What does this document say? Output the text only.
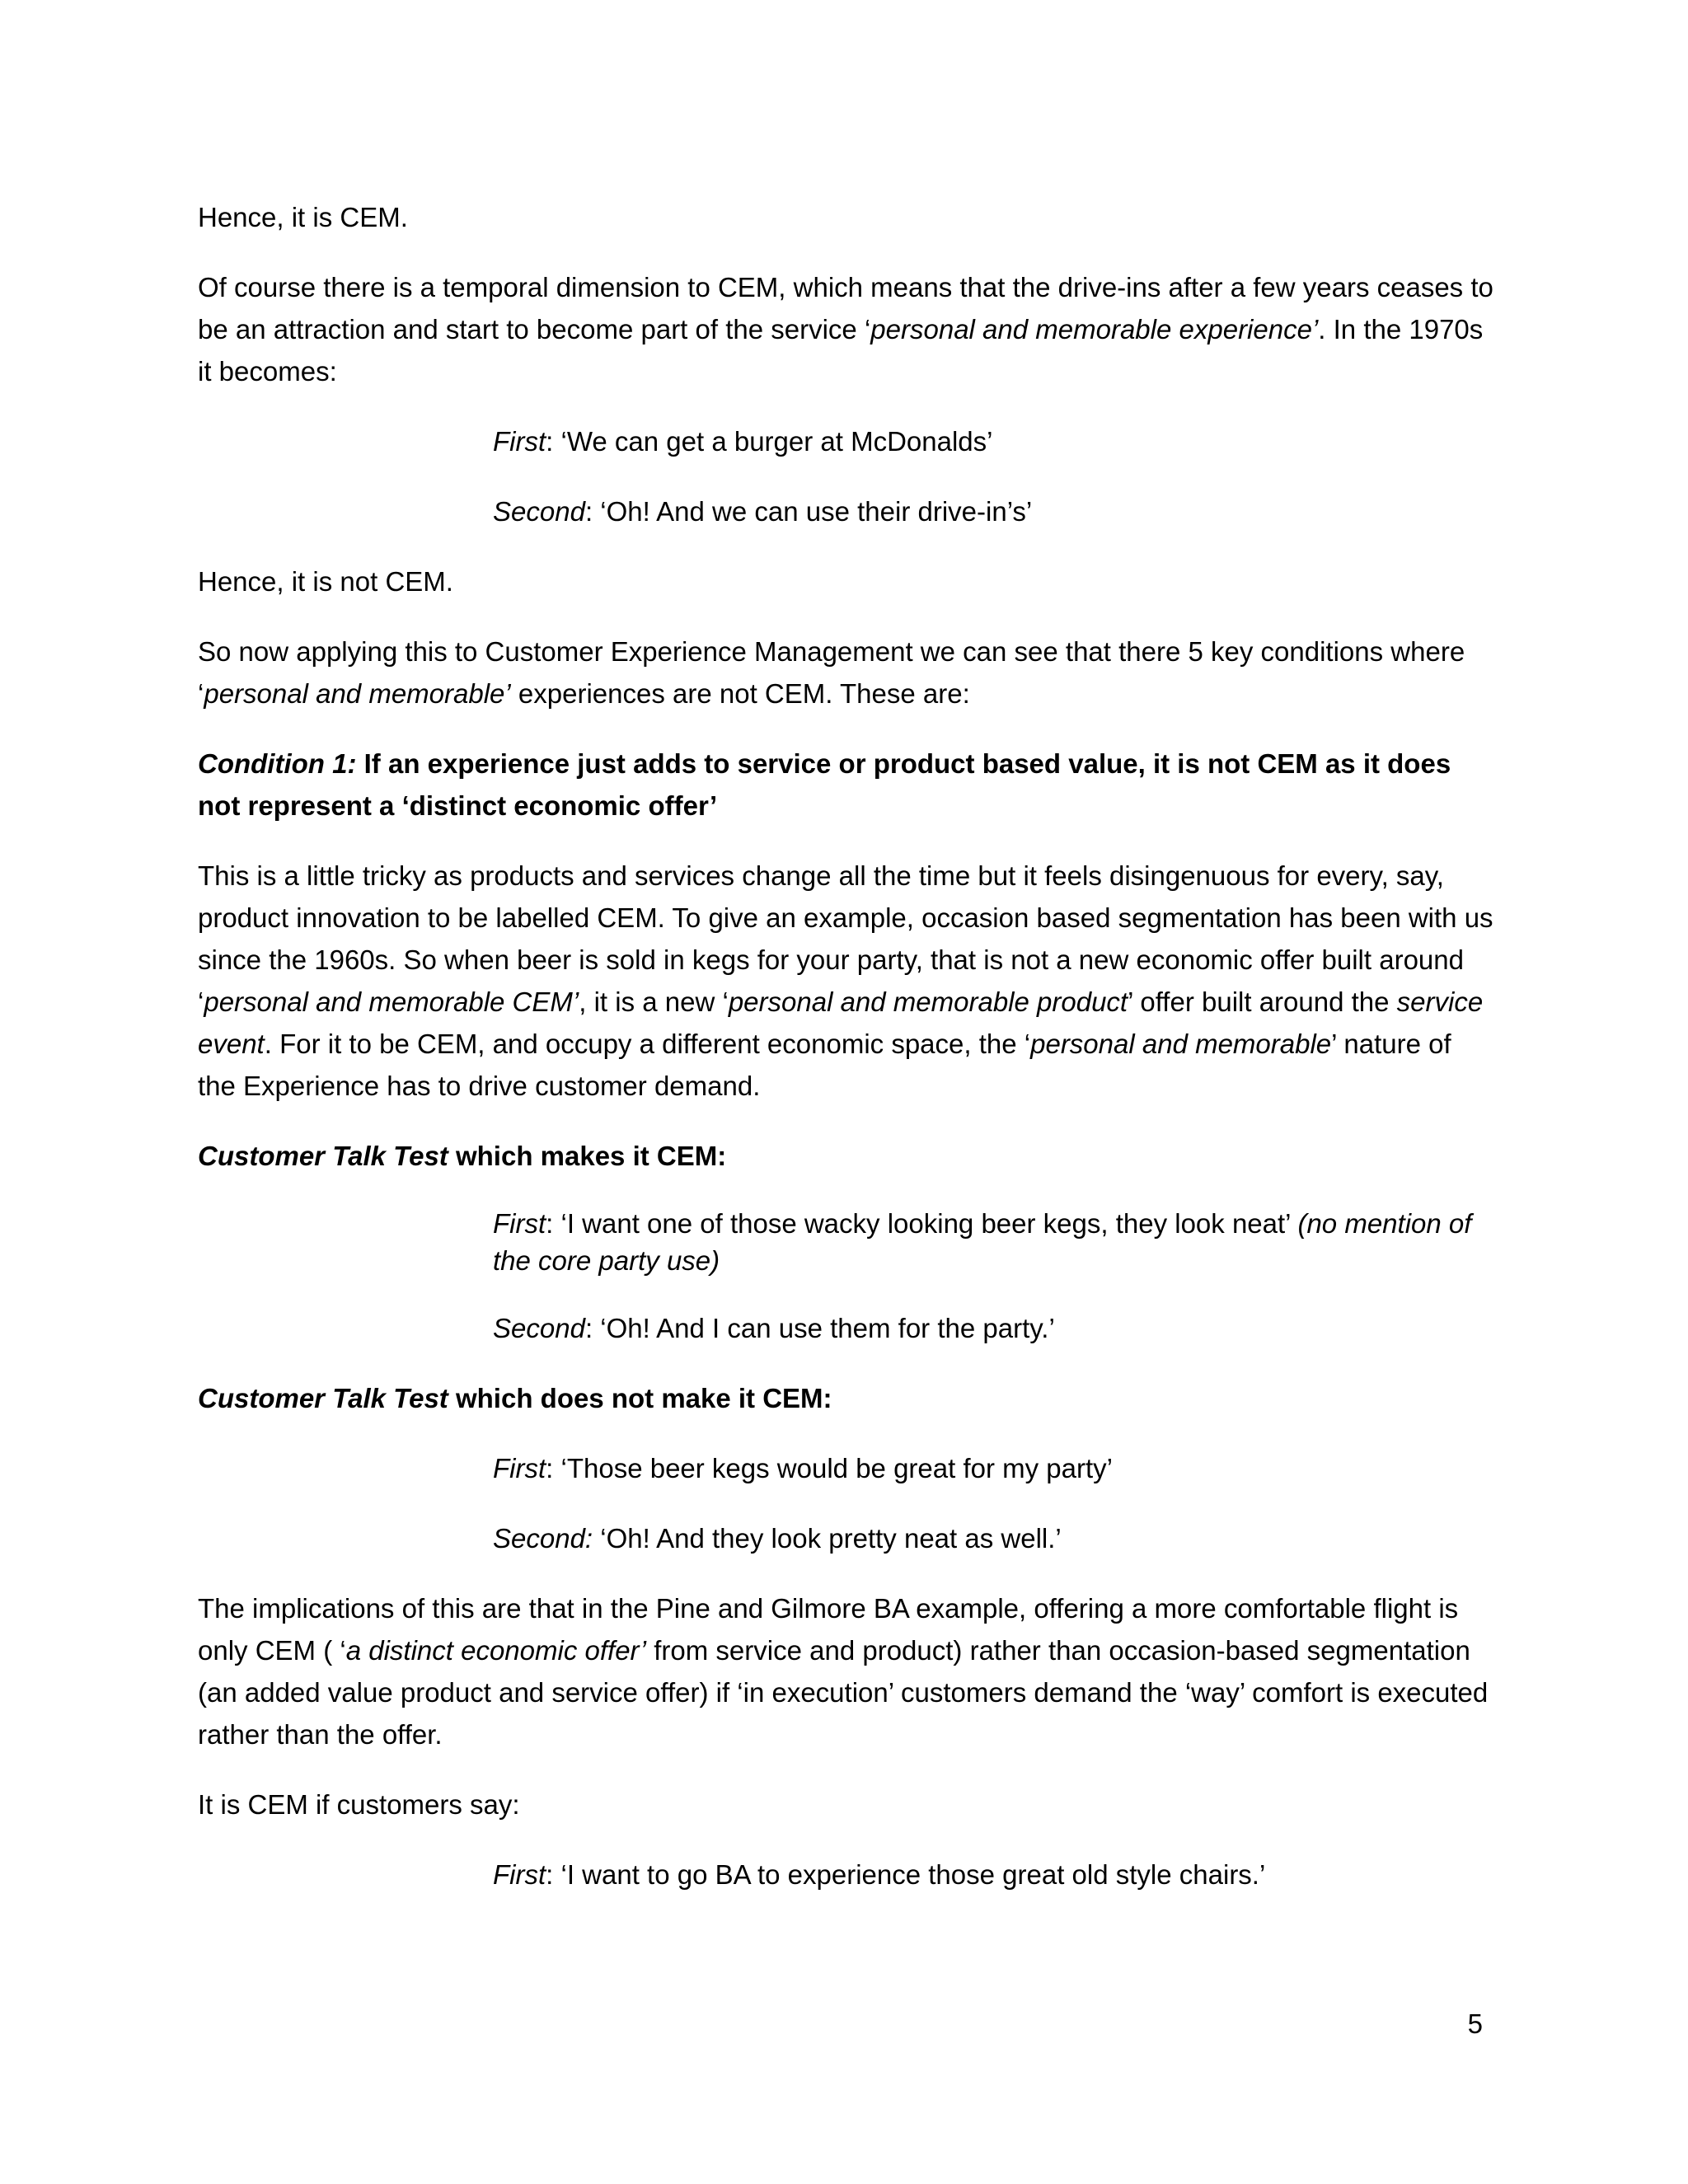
Hence, it is CEM.

Of course there is a temporal dimension to CEM, which means that the drive-ins after a few years ceases to be an attraction and start to become part of the service ‘personal and memorable experience’. In the 1970s it becomes:

First: ‘We can get a burger at McDonalds’

Second: ‘Oh! And we can use their drive-in’s’

Hence, it is not CEM.

So now applying this to Customer Experience Management we can see that there 5 key conditions where ‘personal and memorable’ experiences are not CEM. These are:

Condition 1: If an experience just adds to service or product based value, it is not CEM as it does not represent a ‘distinct economic offer’

This is a little tricky as products and services change all the time but it feels disingenuous for every, say, product innovation to be labelled CEM. To give an example, occasion based segmentation has been with us since the 1960s. So when beer is sold in kegs for your party, that is not a new economic offer built around ‘personal and memorable CEM’, it is a new ‘personal and memorable product’ offer built around the service event. For it to be CEM, and occupy a different economic space, the ‘personal and memorable’ nature of the Experience has to drive customer demand.

Customer Talk Test which makes it CEM:

First: ‘I want one of those wacky looking beer kegs, they look neat’ (no mention of the core party use)

Second: ‘Oh! And I can use them for the party.’

Customer Talk Test which does not make it CEM:

First: ‘Those beer kegs would be great for my party’

Second: ‘Oh! And they look pretty neat as well.’

The implications of this are that in the Pine and Gilmore BA example, offering a more comfortable flight is only CEM ( ‘a distinct economic offer’ from service and product) rather than occasion-based segmentation (an added value product and service offer) if ‘in execution’ customers demand the ‘way’ comfort is executed rather than the offer.

It is CEM if customers say:

First: ‘I want to go BA to experience those great old style chairs.’

5
